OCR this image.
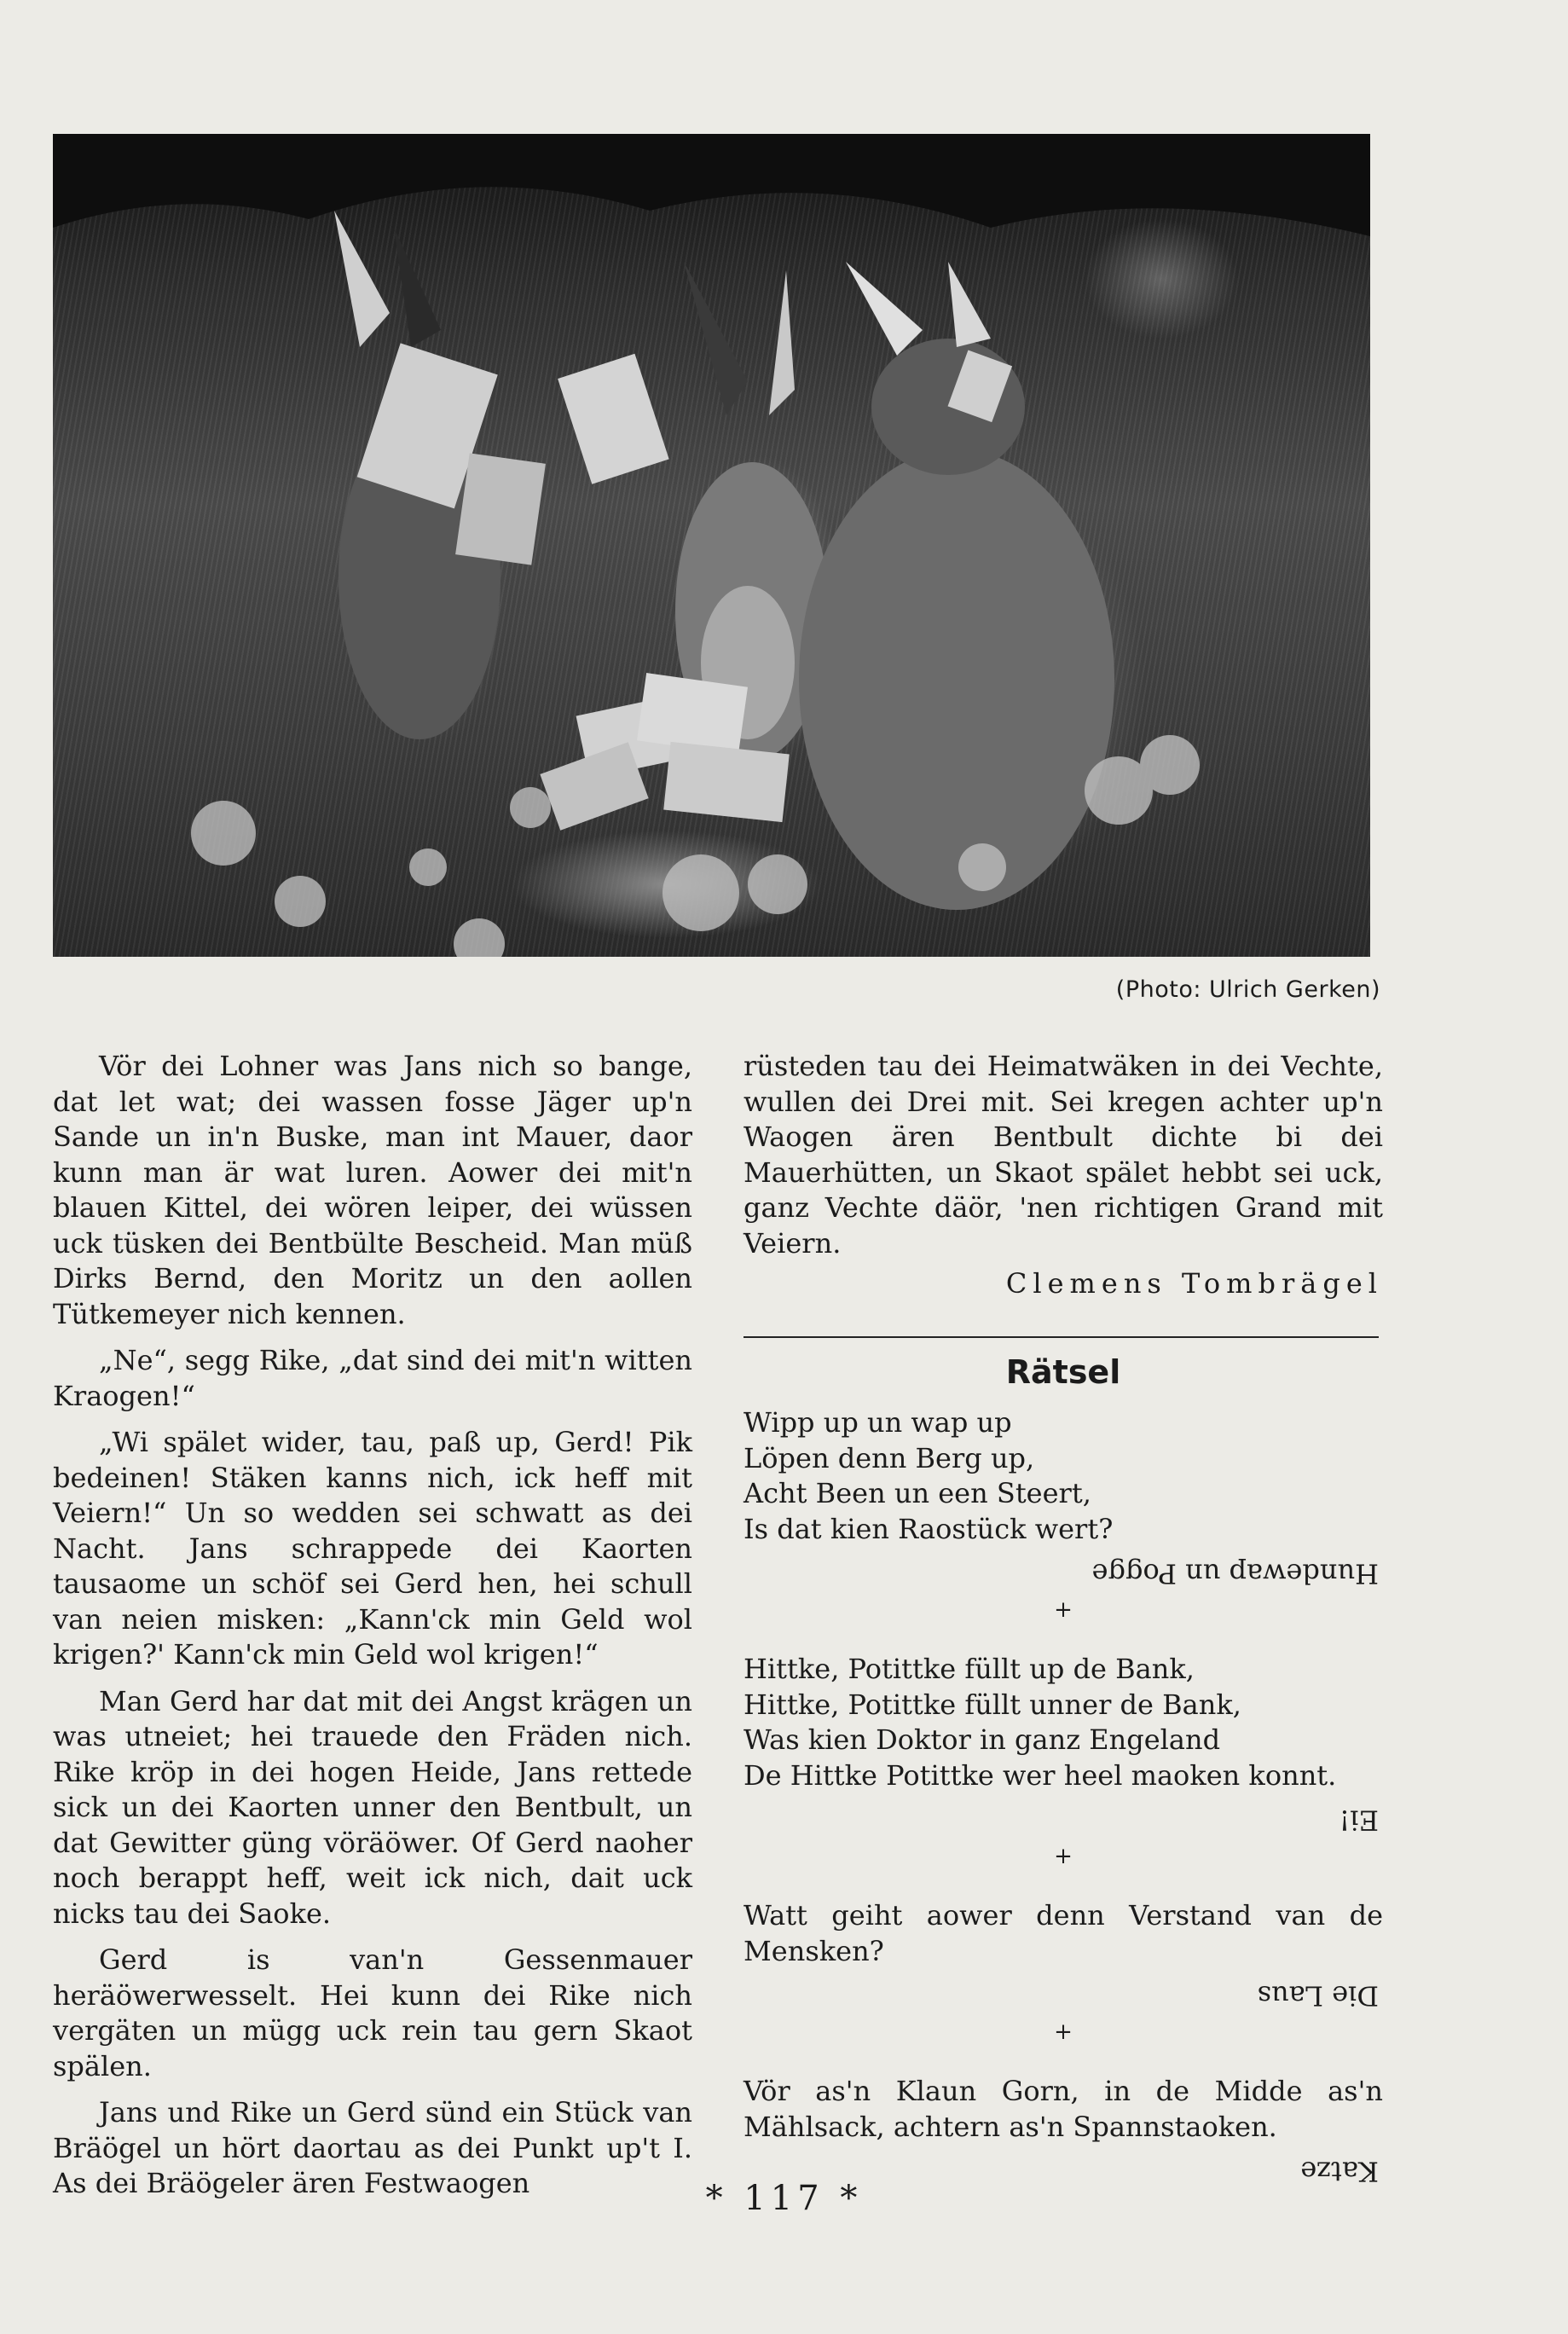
(Photo: Ulrich Gerken)

Vör dei Lohner was Jans nich so bange, dat let wat; dei wassen fosse Jäger up'n Sande un in'n Buske, man int Mauer, daor kunn man är wat luren. Aower dei mit'n blauen Kittel, dei wören leiper, dei wüssen uck tüsken dei Bentbülte Bescheid. Man müß Dirks Bernd, den Moritz un den aollen Tütkemeyer nich kennen.

„Ne“, segg Rike, „dat sind dei mit'n witten Kraogen!“

„Wi spälet wider, tau, paß up, Gerd! Pik bedeinen! Stäken kanns nich, ick heff mit Veiern!“ Un so wedden sei schwatt as dei Nacht. Jans schrappede dei Kaorten tausaome un schöf sei Gerd hen, hei schull van neien misken: „Kann'ck min Geld wol krigen?' Kann'ck min Geld wol krigen!“

Man Gerd har dat mit dei Angst krägen un was utneiet; hei trauede den Fräden nich. Rike kröp in dei hogen Heide, Jans rettede sick un dei Kaorten unner den Bentbult, un dat Gewitter güng vöräöwer. Of Gerd naoher noch berappt heff, weit ick nich, dait uck nicks tau dei Saoke.

Gerd is van'n Gessenmauer heräöwerwesselt. Hei kunn dei Rike nich vergäten un mügg uck rein tau gern Skaot spälen.

Jans und Rike un Gerd sünd ein Stück van Bräögel un hört daortau as dei Punkt up't I. As dei Bräögeler ären Festwaogen

rüsteden tau dei Heimatwäken in dei Vechte, wullen dei Drei mit. Sei kregen achter up'n Waogen ären Bentbult dichte bi dei Mauerhütten, un Skaot spälet hebbt sei uck, ganz Vechte däör, 'nen richtigen Grand mit Veiern.

Clemens Tombrägel
Rätsel
Wipp up un wap up
Löpen denn Berg up,
Acht Been un een Steert,
Is dat kien Raostück wert?
Hundewap un Pogge
+
Hittke, Potittke füllt up de Bank,
Hittke, Potittke füllt unner de Bank,
Was kien Doktor in ganz Engeland
De Hittke Potittke wer heel maoken konnt.
Ei!
+

Watt geiht aower denn Verstand van de Mensken?

Die Laus
+

Vör as'n Klaun Gorn, in de Midde as'n Mählsack, achtern as'n Spannstaoken.

Katze
* 117 *
